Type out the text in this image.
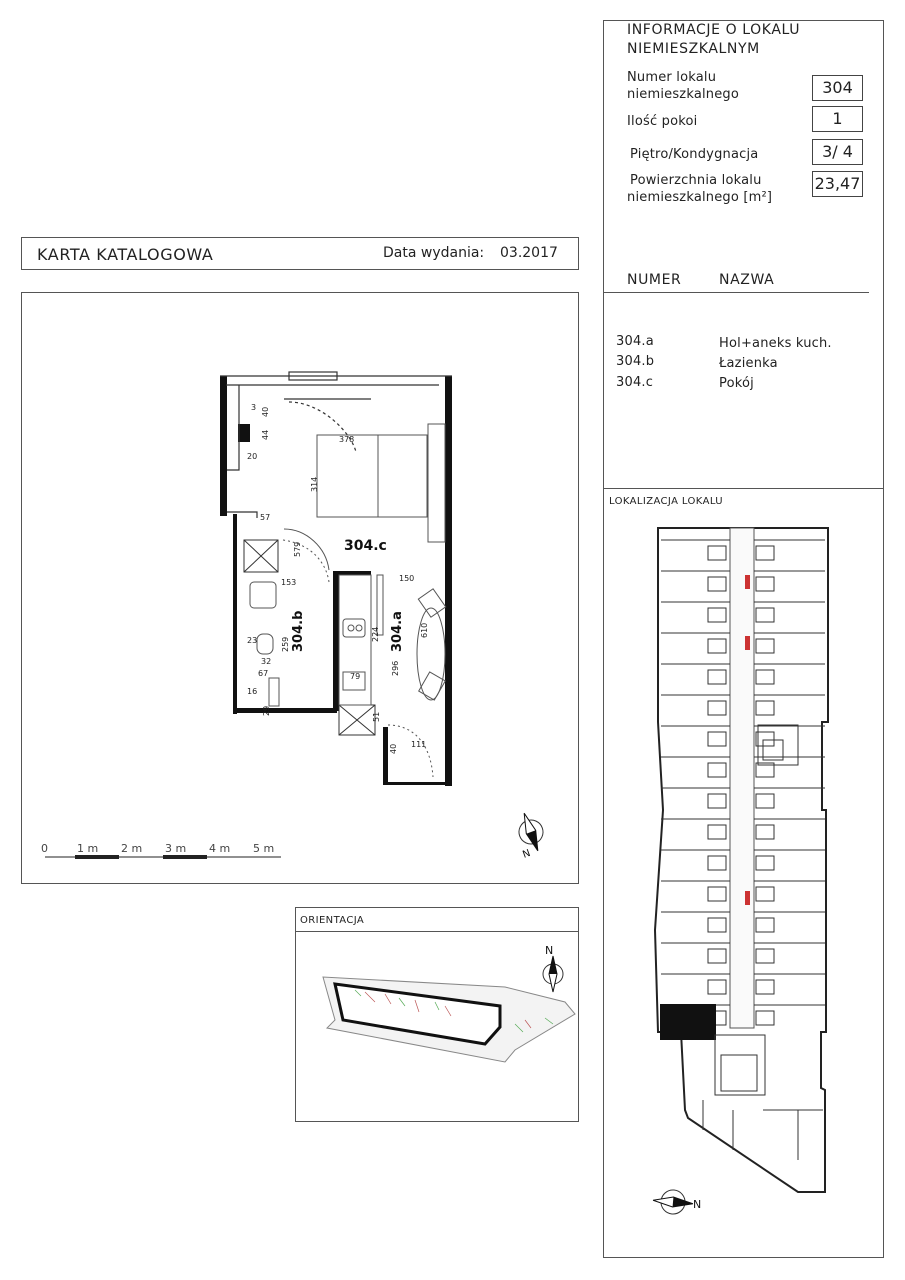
INFORMACJE O LOKALU
NIEMIESZKALNYM
Numer lokalu
niemieszkalnego	304
Ilość pokoi	1
Piętro/Kondygnacja	3/ 4
Powierzchnia lokalu
niemieszkalnego [m²]
23,47
NUMER	NAZWA
304.a	Hol+aneks kuch.
304.b	Łazienka
304.c	Pokój
LOKALIZACJA LOKALU
KARTA KATALOGOWA	Data wydania: 03.2017
378
314
579
57
20
44
3 40
153	150
224
296
610
259
23
32
67
16
29
79
51
111
40
304.c
304.b	304.a
0	1 m 2 m 3 m 4 m 5 m	N
ORIENTACJA
N
N
